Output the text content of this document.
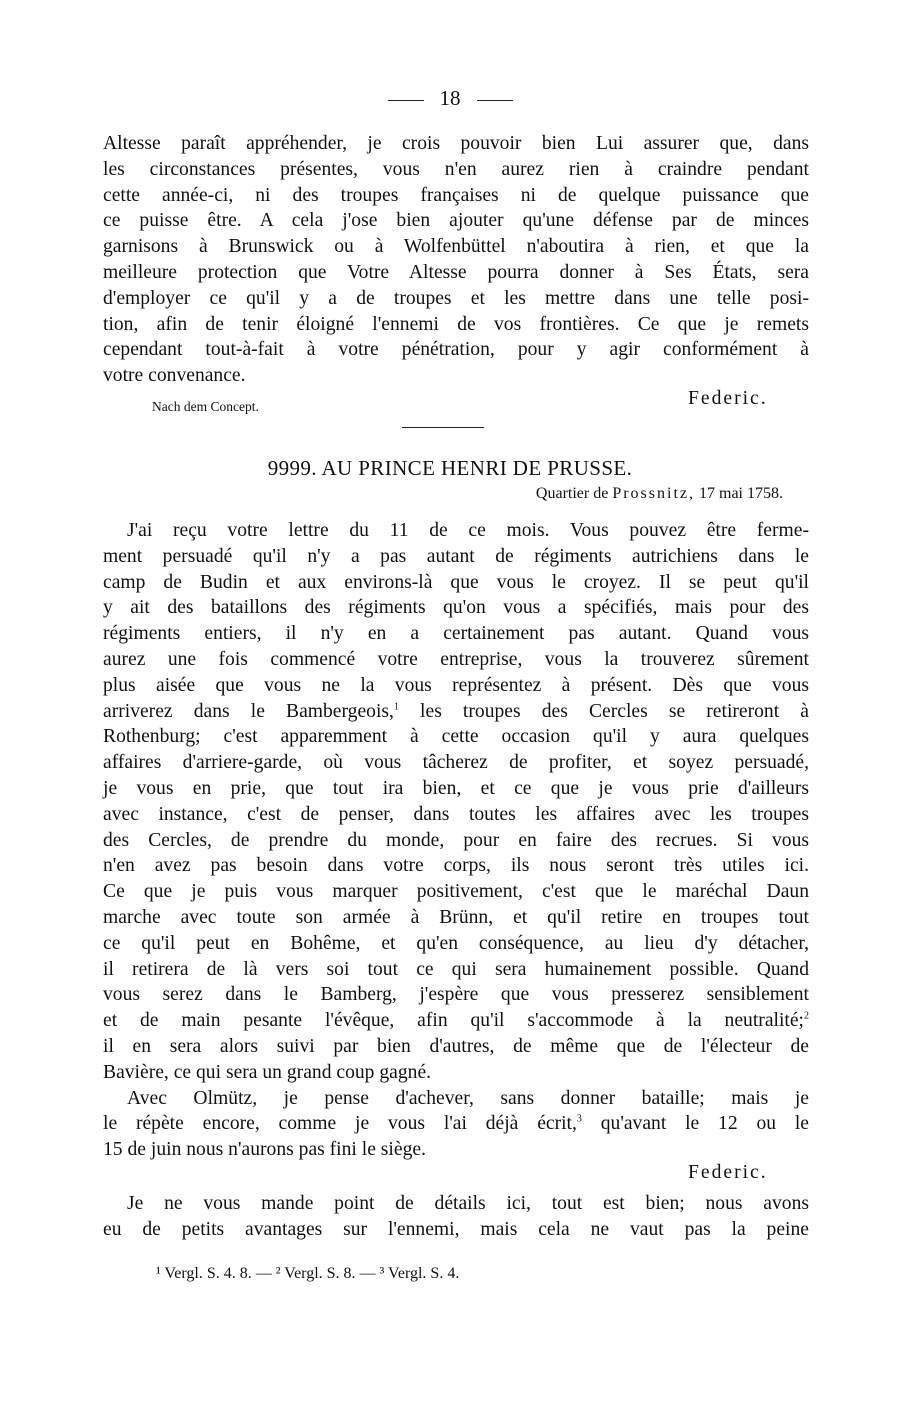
18
Altesse paraît appréhender, je crois pouvoir bien Lui assurer que, dans
les circonstances présentes, vous n'en aurez rien à craindre pendant
cette année-ci, ni des troupes françaises ni de quelque puissance que
ce puisse être. A cela j'ose bien ajouter qu'une défense par de minces
garnisons à Brunswick ou à Wolfenbüttel n'aboutira à rien, et que la
meilleure protection que Votre Altesse pourra donner à Ses États, sera
d'employer ce qu'il y a de troupes et les mettre dans une telle posi-
tion, afin de tenir éloigné l'ennemi de vos frontières. Ce que je remets
cependant tout-à-fait à votre pénétration, pour y agir conformément à
votre convenance.
Nach dem Concept.	Federic.
9999. AU PRINCE HENRI DE PRUSSE.
Quartier de Prossnitz, 17 mai 1758.
J'ai reçu votre lettre du 11 de ce mois. Vous pouvez être ferme-
ment persuadé qu'il n'y a pas autant de régiments autrichiens dans le
camp de Budin et aux environs-là que vous le croyez. Il se peut qu'il
y ait des bataillons des régiments qu'on vous a spécifiés, mais pour des
régiments entiers, il n'y en a certainement pas autant. Quand vous
aurez une fois commencé votre entreprise, vous la trouverez sûrement
plus aisée que vous ne la vous représentez à présent. Dès que vous
arriverez dans le Bambergeois,$^1$ les troupes des Cercles se retireront à
Rothenburg; c'est apparemment à cette occasion qu'il y aura quelques
affaires d'arriere-garde, où vous tâcherez de profiter, et soyez persuadé,
je vous en prie, que tout ira bien, et ce que je vous prie d'ailleurs
avec instance, c'est de penser, dans toutes les affaires avec les troupes
des Cercles, de prendre du monde, pour en faire des recrues. Si vous
n'en avez pas besoin dans votre corps, ils nous seront très utiles ici.
Ce que je puis vous marquer positivement, c'est que le maréchal Daun
marche avec toute son armée à Brünn, et qu'il retire en troupes tout
ce qu'il peut en Bohême, et qu'en conséquence, au lieu d'y détacher,
il retirera de là vers soi tout ce qui sera humainement possible. Quand
vous serez dans le Bamberg, j'espère que vous presserez sensiblement
et de main pesante l'évêque, afin qu'il s'accommode à la neutralité;$^2$
il en sera alors suivi par bien d'autres, de même que de l'électeur de
Bavière, ce qui sera un grand coup gagné.
Avec Olmütz, je pense d'achever, sans donner bataille; mais je
le répète encore, comme je vous l'ai déjà écrit,$^3$ qu'avant le 12 ou le
15 de juin nous n'aurons pas fini le siège.
Federic.
Je ne vous mande point de détails ici, tout est bien; nous avons
eu de petits avantages sur l'ennemi, mais cela ne vaut pas la peine
¹ Vergl. S. 4. 8. — ² Vergl. S. 8. — ³ Vergl. S. 4.
